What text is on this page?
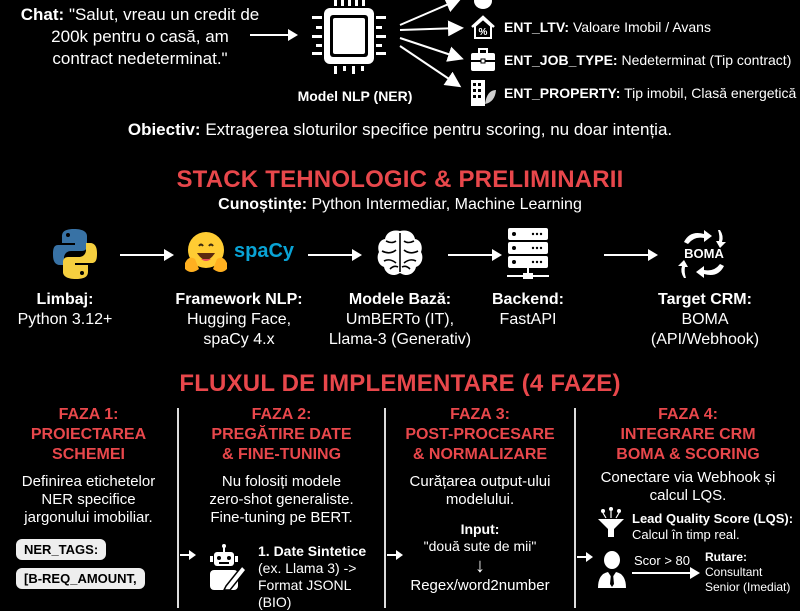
Chat: "Salut, vreau un credit de 200k pentru o casă, am contract nedeterminat."
Model NLP (NER)
% ENT_LTV: Valoare Imobil / Avans
ENT_JOB_TYPE: Nedeterminat (Tip contract)
ENT_PROPERTY: Tip imobil, Clasă energetică
Obiectiv: Extragerea sloturilor specifice pentru scoring, nu doar intenția.
STACK TEHNOLOGIC & PRELIMINARII
Cunoștințe: Python Intermediar, Machine Learning
spaCy	BOMA
Limbaj:
Python 3.12+
Framework NLP:
Hugging Face,
spaCy 4.x
Modele Bază:
UmBERTo (IT),
Llama-3 (Generativ)
Backend:
FastAPI
Target CRM:
BOMA
(API/Webhook)
FLUXUL DE IMPLEMENTARE (4 FAZE)
FAZA 1:
PROIECTAREA
SCHEMEI
Definirea etichetelor
NER specifice
jargonului imobiliar.
NER_TAGS:
[B-REQ_AMOUNT,
FAZA 2:
PREGĂTIRE DATE
& FINE-TUNING
Nu folosiți modele
zero-shot generaliste.
Fine-tuning pe BERT.
1. Date Sintetice
(ex. Llama 3) ->
Format JSONL
(BIO)
FAZA 3:
POST-PROCESARE
& NORMALIZARE
Curățarea output-ului
modelului.
Input:
"două sute de mii"
↓
Regex/word2number
FAZA 4:
INTEGRARE CRM
BOMA & SCORING
Conectare via Webhook și
calcul LQS.
Lead Quality Score (LQS):
Calcul în timp real.
Scor > 80 Rutare:
Consultant
Senior (Imediat)
